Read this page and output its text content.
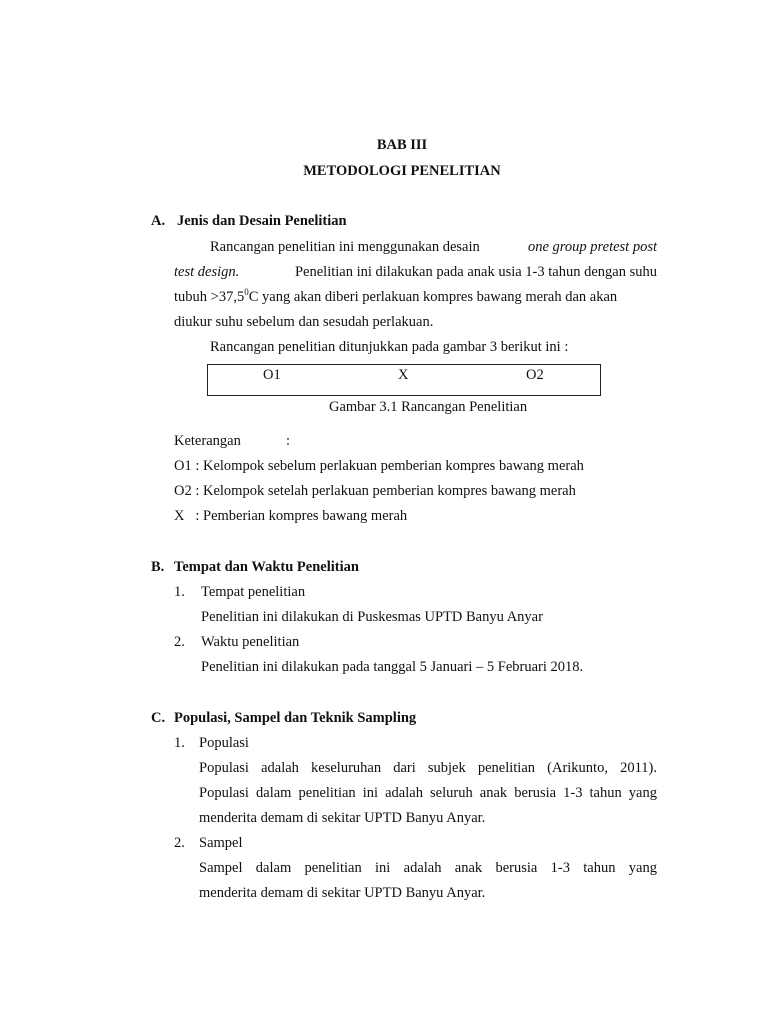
BAB III
METODOLOGI PENELITIAN
A. Jenis dan Desain Penelitian
Rancangan penelitian ini menggunakan desain	one group pretest post
test design.	Penelitian ini dilakukan pada anak usia 1-3 tahun dengan suhu
tubuh $>37,5^0C$ yang akan diberi perlakuan kompres bawang merah dan akan
diukur suhu sebelum dan sesudah perlakuan.
Rancangan penelitian ditunjukkan pada gambar 3 berikut ini :
O1	X	O2
Gambar 3.1 Rancangan Penelitian
Keterangan	:
O1 : Kelompok sebelum perlakuan pemberian kompres bawang merah
O2 : Kelompok setelah perlakuan pemberian kompres bawang merah
X   : Pemberian kompres bawang merah
B. Tempat dan Waktu Penelitian
1. Tempat penelitian
Penelitian ini dilakukan di Puskesmas UPTD Banyu Anyar
2. Waktu penelitian
Penelitian ini dilakukan pada tanggal 5 Januari – 5 Februari 2018.
C. Populasi, Sampel dan Teknik Sampling
1. Populasi
Populasi adalah keseluruhan dari subjek penelitian (Arikunto, 2011).
Populasi dalam penelitian ini adalah seluruh anak berusia 1-3 tahun yang
menderita demam di sekitar UPTD Banyu Anyar.
2. Sampel
Sampel dalam penelitian ini adalah anak berusia 1-3 tahun yang
menderita demam di sekitar UPTD Banyu Anyar.
